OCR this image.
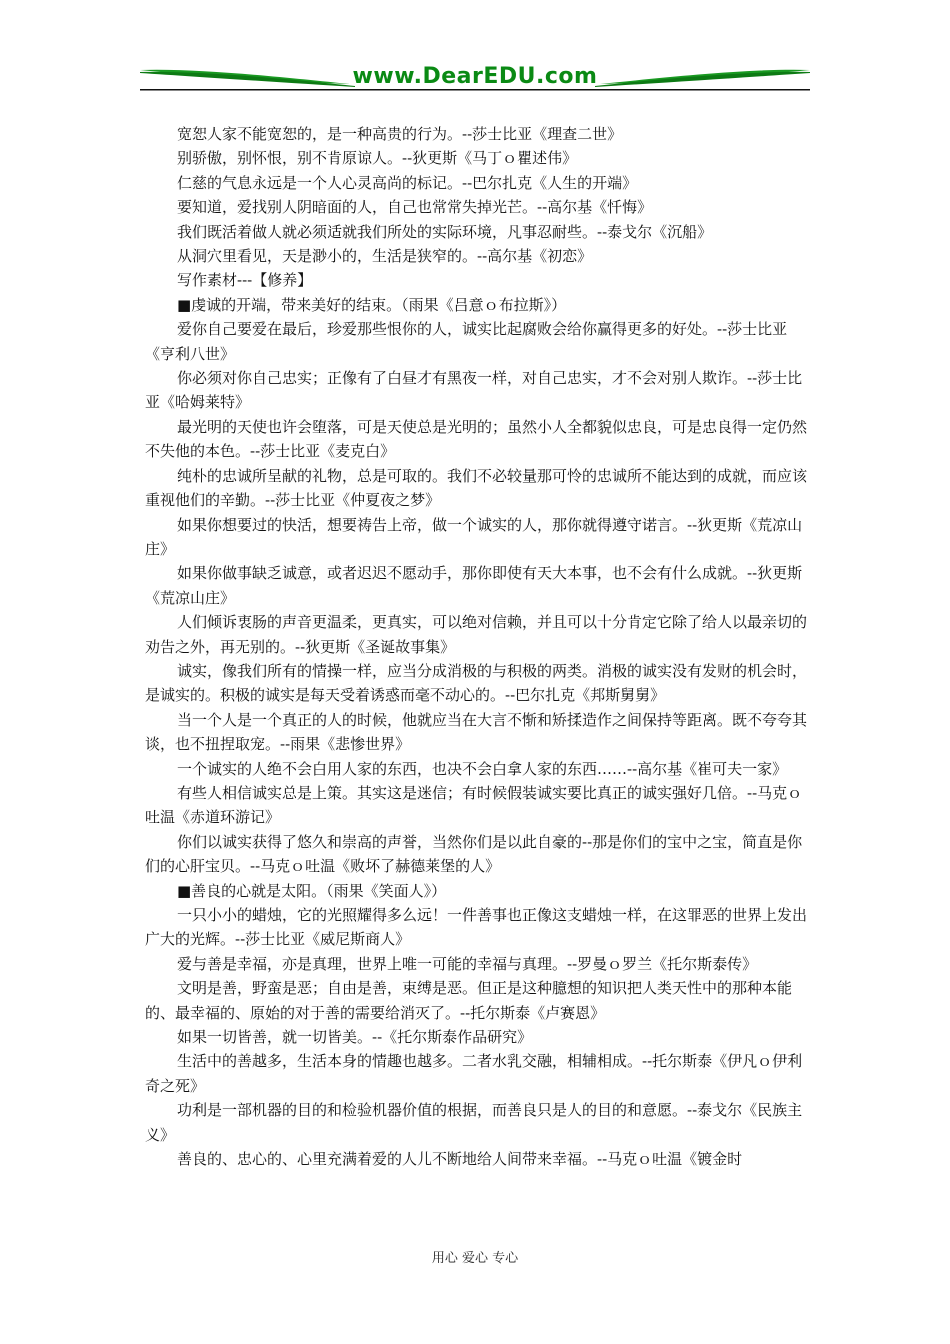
www.DearEDU.com

宽恕人家不能宽恕的，是一种高贵的行为。--莎士比亚《理查二世》

别骄傲，别怀恨，别不肯原谅人。--狄更斯《马丁ｏ瞿述伟》

仁慈的气息永远是一个人心灵高尚的标记。--巴尔扎克《人生的开端》

要知道，爱找别人阴暗面的人，自己也常常失掉光芒。--高尔基《忏悔》

我们既活着做人就必须适就我们所处的实际环境，凡事忍耐些。--泰戈尔《沉船》

从洞穴里看见，天是渺小的，生活是狭窄的。--高尔基《初恋》

写作素材---【修养】

■虔诚的开端，带来美好的结束。（雨果《吕意ｏ布拉斯》）

爱你自己要爱在最后，珍爱那些恨你的人，诚实比起腐败会给你赢得更多的好处。--莎士比亚《亨利八世》

你必须对你自己忠实；正像有了白昼才有黑夜一样，对自己忠实，才不会对别人欺诈。--莎士比亚《哈姆莱特》

最光明的天使也许会堕落，可是天使总是光明的；虽然小人全都貌似忠良，可是忠良得一定仍然不失他的本色。--莎士比亚《麦克白》

纯朴的忠诚所呈献的礼物，总是可取的。我们不必较量那可怜的忠诚所不能达到的成就，而应该重视他们的辛勤。--莎士比亚《仲夏夜之梦》

如果你想要过的快活，想要祷告上帝，做一个诚实的人，那你就得遵守诺言。--狄更斯《荒凉山庄》

如果你做事缺乏诚意，或者迟迟不愿动手，那你即使有天大本事，也不会有什么成就。--狄更斯《荒凉山庄》

人们倾诉衷肠的声音更温柔，更真实，可以绝对信赖，并且可以十分肯定它除了给人以最亲切的劝告之外，再无别的。--狄更斯《圣诞故事集》

诚实，像我们所有的情操一样，应当分成消极的与积极的两类。消极的诚实没有发财的机会时，是诚实的。积极的诚实是每天受着诱惑而毫不动心的。--巴尔扎克《邦斯舅舅》

当一个人是一个真正的人的时候，他就应当在大言不惭和矫揉造作之间保持等距离。既不夸夸其谈，也不扭捏取宠。--雨果《悲惨世界》

一个诚实的人绝不会白用人家的东西，也决不会白拿人家的东西……--高尔基《崔可夫一家》

有些人相信诚实总是上策。其实这是迷信；有时候假装诚实要比真正的诚实强好几倍。--马克ｏ吐温《赤道环游记》

你们以诚实获得了悠久和崇高的声誉，当然你们是以此自豪的--那是你们的宝中之宝，简直是你们的心肝宝贝。--马克ｏ吐温《败坏了赫德莱堡的人》

■善良的心就是太阳。（雨果《笑面人》）

一只小小的蜡烛，它的光照耀得多么远！一件善事也正像这支蜡烛一样，在这罪恶的世界上发出广大的光辉。--莎士比亚《威尼斯商人》

爱与善是幸福，亦是真理，世界上唯一可能的幸福与真理。--罗曼ｏ罗兰《托尔斯泰传》

文明是善，野蛮是恶；自由是善，束缚是恶。但正是这种臆想的知识把人类天性中的那种本能的、最幸福的、原始的对于善的需要给消灭了。--托尔斯泰《卢赛恩》

如果一切皆善，就一切皆美。--《托尔斯泰作品研究》

生活中的善越多，生活本身的情趣也越多。二者水乳交融，相辅相成。--托尔斯泰《伊凡ｏ伊利奇之死》

功利是一部机器的目的和检验机器价值的根据，而善良只是人的目的和意愿。--泰戈尔《民族主义》

善良的、忠心的、心里充满着爱的人儿不断地给人间带来幸福。--马克ｏ吐温《镀金时

用心 爱心 专心
